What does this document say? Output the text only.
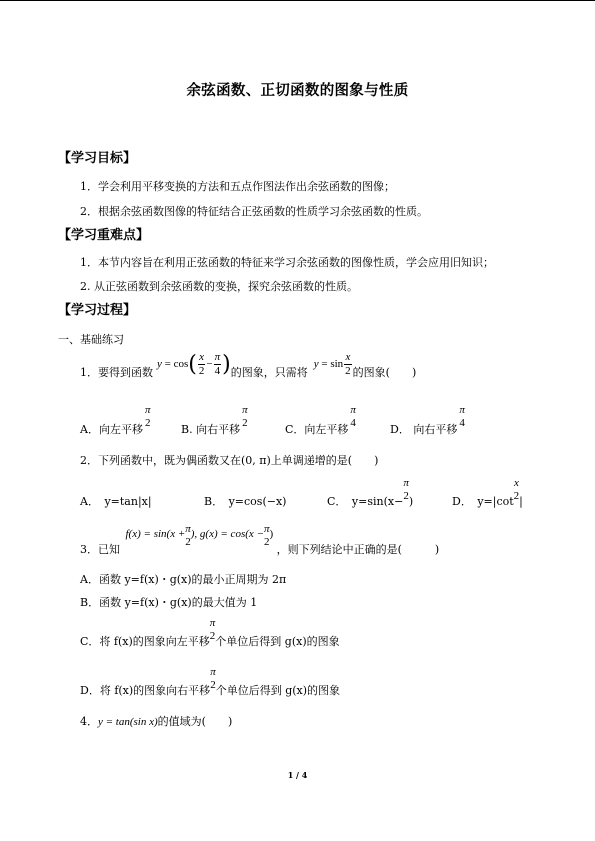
余弦函数、正切函数的图象与性质
【学习目标】
1．学会利用平移变换的方法和五点作图法作出余弦函数的图像；
2．根据余弦函数图像的特征结合正弦函数的性质学习余弦函数的性质。
【学习重难点】
1．本节内容旨在利用正弦函数的特征来学习余弦函数的图像性质，学会应用旧知识；
2. 从正弦函数到余弦函数的变换，探究余弦函数的性质。
【学习过程】
一、基础练习
1．要得到函数
$y = \cos( \frac{x}{2} - \frac{\pi}{4}$ ) 的图象，只需将
$y = \sin \frac{x}{2}$ 的图象(　　)
A．向左平移
π
2	B. 向右平移
π
2	C．向左平移
π
4	D． 向右平移
π
4
2．下列函数中，既为偶函数又在(0, π)上单调递增的是(　　)
A．　y=tan|x|	B．　y=cos(−x)	C．　y=sin(x−
π
2 )	D．　y=|cot
x
2 |
3．已知 f(x) = sin(x + π
2
), g(x) = cos(x − π
2
) ，则下列结论中正确的是(　　　)
A．函数 y=f(x)・g(x)的最小正周期为 2π
B．函数 y=f(x)・g(x)的最大值为 1
C．将 f(x)的图象向左平移
π
2 个单位后得到 g(x)的图象
D．将 f(x)的图象向右平移
π
2 个单位后得到 g(x)的图象
4．y = tan(sin x)的值域为(　　)
1 / 4
